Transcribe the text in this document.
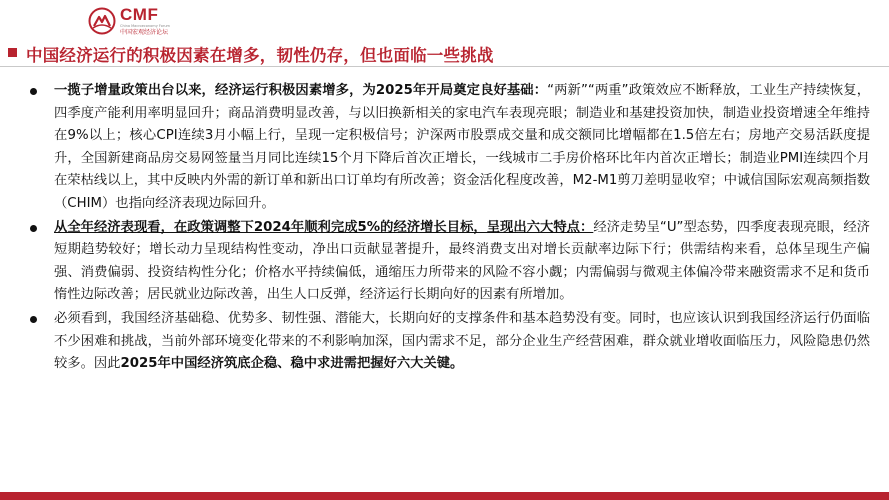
CMF
China Macroeconomy Forum
中国宏观经济论坛
中国经济运行的积极因素在增多，韧性仍存，但也面临一些挑战

一揽子增量政策出台以来，经济运行积极因素增多，为2025年开局奠定良好基础：“两新”“两重”政策效应不断释放，工业生产持续恢复，四季度产能利用率明显回升；商品消费明显改善，与以旧换新相关的家电汽车表现亮眼；制造业和基建投资加快，制造业投资增速全年维持在9%以上；核心CPI连续3月小幅上行，呈现一定积极信号；沪深两市股票成交量和成交额同比增幅都在1.5倍左右；房地产交易活跃度提升，全国新建商品房交易网签量当月同比连续15个月下降后首次正增长，一线城市二手房价格环比年内首次正增长；制造业PMI连续四个月在荣枯线以上，其中反映内外需的新订单和新出口订单均有所改善；资金活化程度改善，M2-M1剪刀差明显收窄；中诚信国际宏观高频指数（CHIM）也指向经济表现边际回升。

从全年经济表现看，在政策调整下2024年顺利完成5%的经济增长目标，呈现出六大特点：经济走势呈“U”型态势，四季度表现亮眼，经济短期趋势较好；增长动力呈现结构性变动，净出口贡献显著提升，最终消费支出对增长贡献率边际下行；供需结构来看，总体呈现生产偏强、消费偏弱、投资结构性分化；价格水平持续偏低，通缩压力所带来的风险不容小觑；内需偏弱与微观主体偏冷带来融资需求不足和货币惰性边际改善；居民就业边际改善，出生人口反弹，经济运行长期向好的因素有所增加。

必须看到，我国经济基础稳、优势多、韧性强、潜能大，长期向好的支撑条件和基本趋势没有变。同时，也应该认识到我国经济运行仍面临不少困难和挑战，当前外部环境变化带来的不利影响加深，国内需求不足，部分企业生产经营困难，群众就业增收面临压力，风险隐患仍然较多。因此2025年中国经济筑底企稳、稳中求进需把握好六大关键。
